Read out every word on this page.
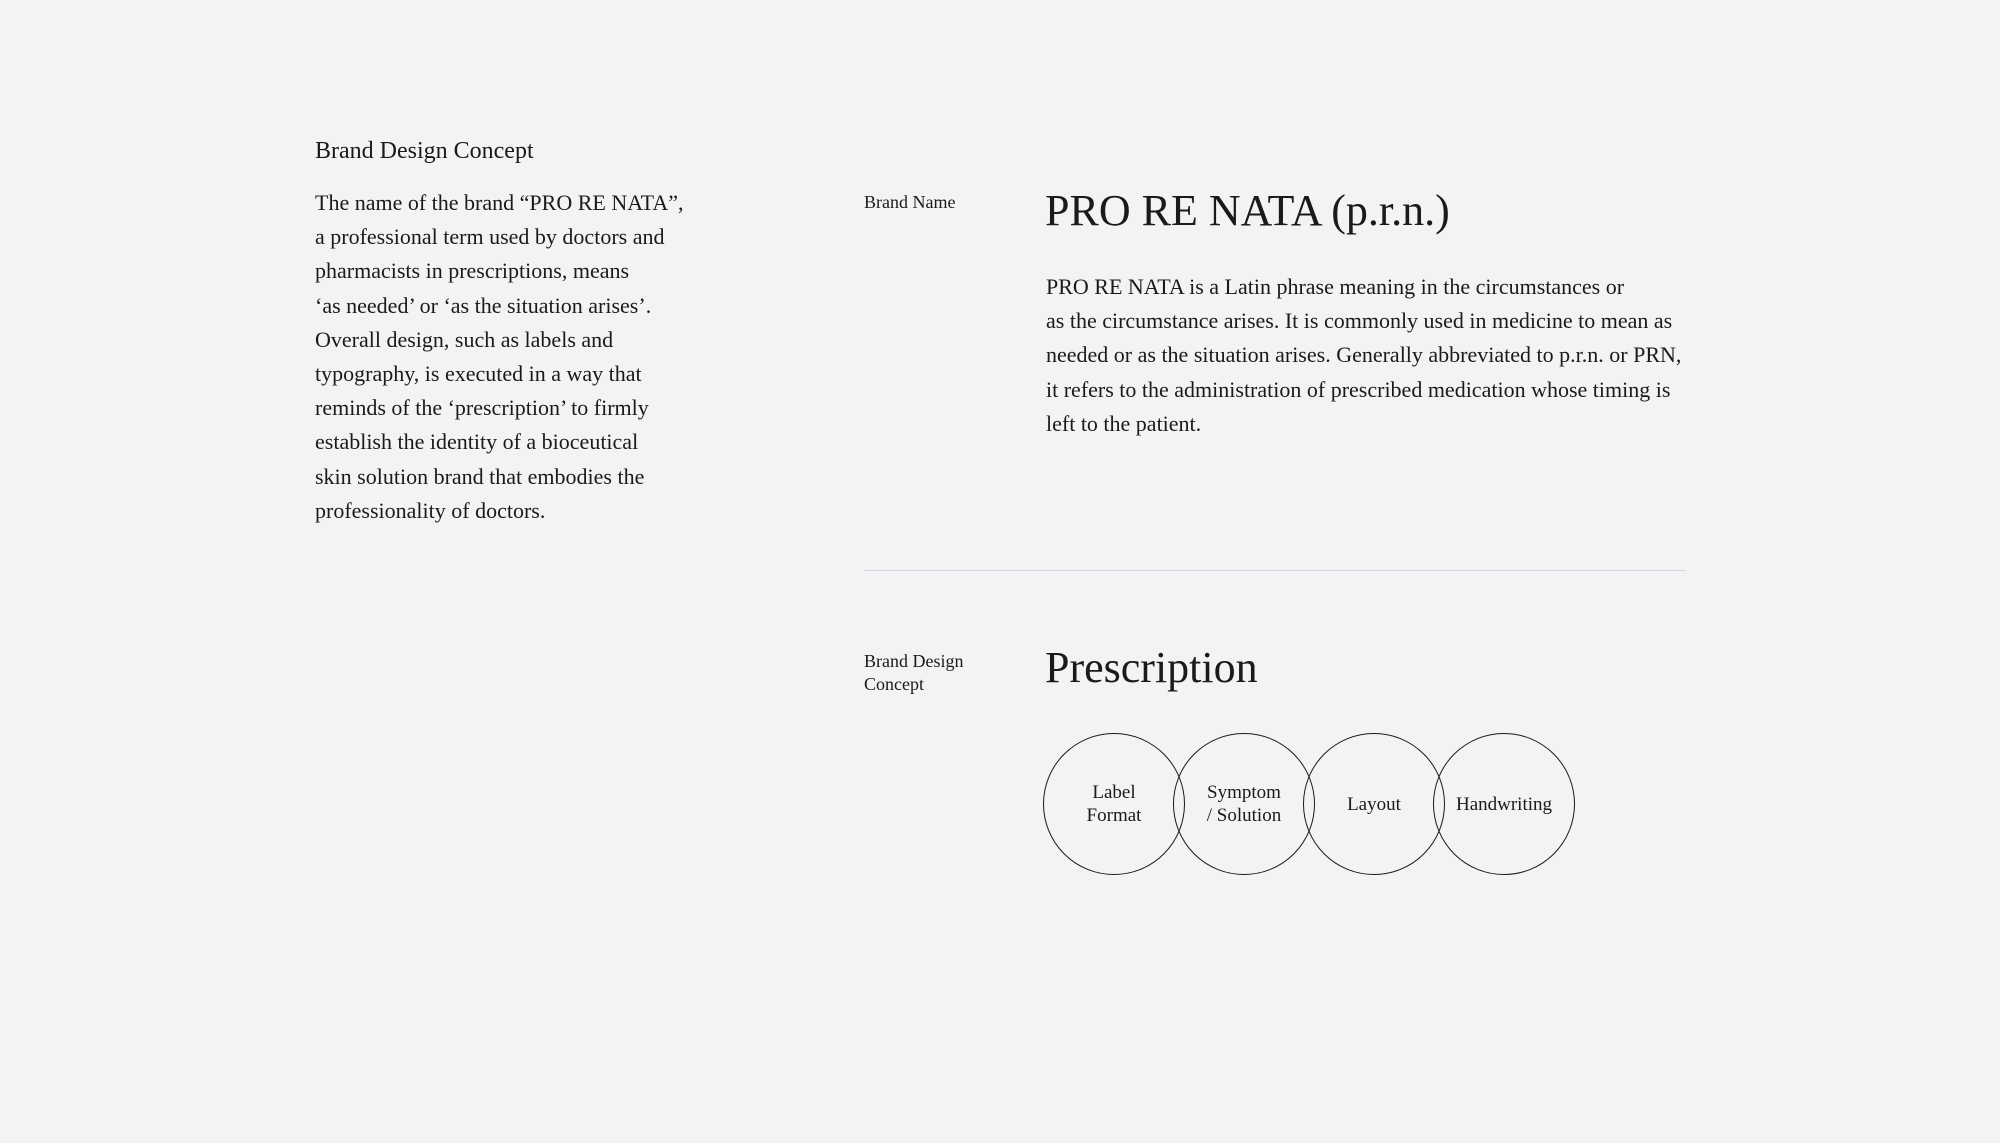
Brand Design Concept
The name of the brand “PRO RE NATA”,
a professional term used by doctors and
pharmacists in prescriptions, means
‘as needed’ or ‘as the situation arises’.
Overall design, such as labels and
typography, is executed in a way that
reminds of the ‘prescription’ to firmly
establish the identity of a bioceutical
skin solution brand that embodies the
professionality of doctors.
Brand Name PRO RE NATA (p.r.n.)
PRO RE NATA is a Latin phrase meaning in the circumstances or
as the circumstance arises. It is commonly used in medicine to mean as
needed or as the situation arises. Generally abbreviated to p.r.n. or PRN,
it refers to the administration of prescribed medication whose timing is
left to the patient.
Brand Design
Concept	Prescription
Label
Format
Symptom
/ Solution
Layout	Handwriting
